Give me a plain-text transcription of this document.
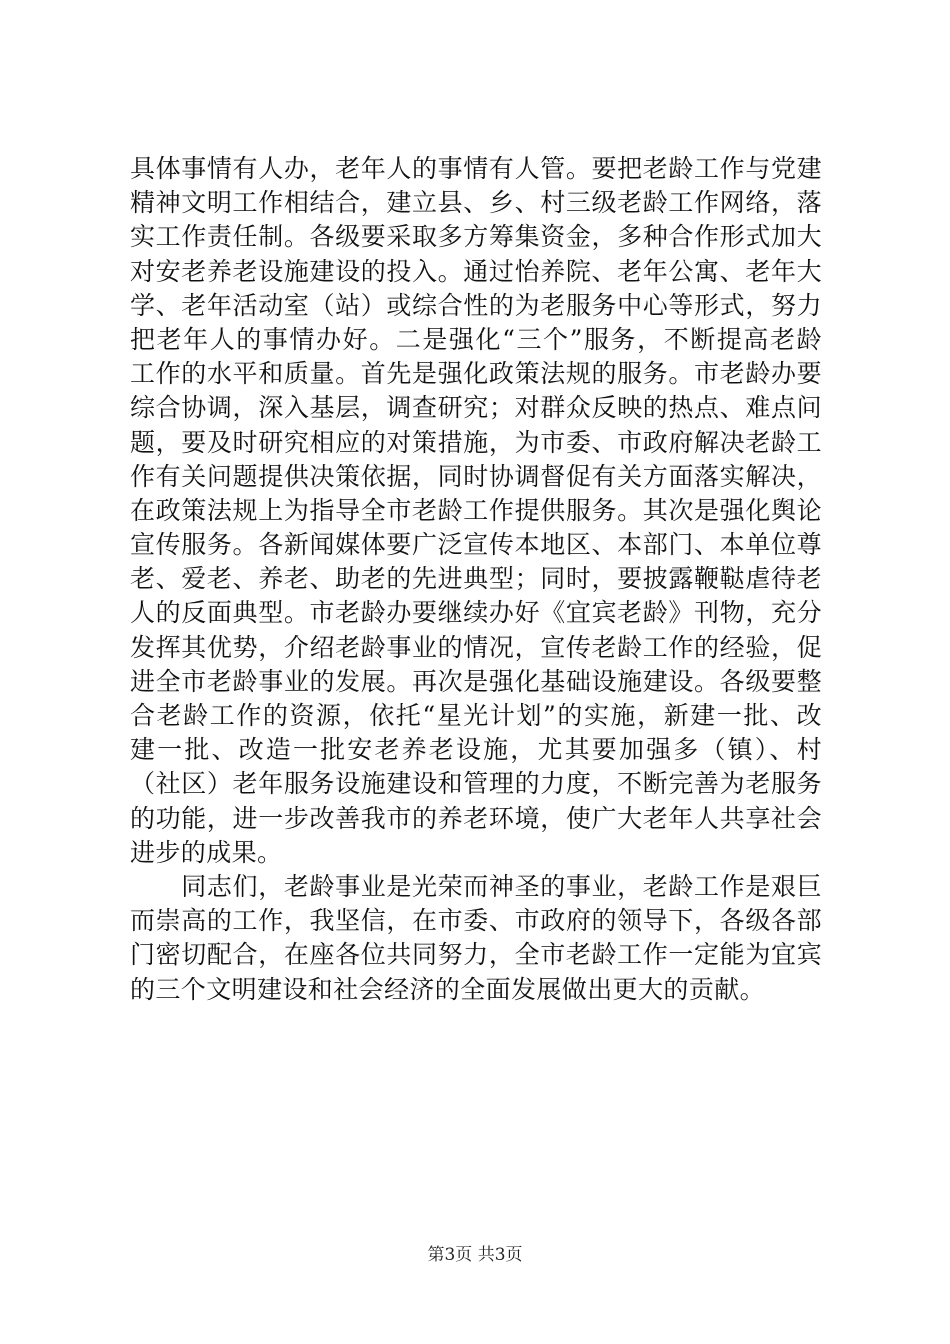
具体事情有人办，老年人的事情有人管。要把老龄工作与党建
精神文明工作相结合，建立县、乡、村三级老龄工作网络，落
实工作责任制。各级要采取多方筹集资金，多种合作形式加大
对安老养老设施建设的投入。通过怡养院、老年公寓、老年大
学、老年活动室（站）或综合性的为老服务中心等形式，努力
把老年人的事情办好。二是强化“三个”服务，不断提高老龄
工作的水平和质量。首先是强化政策法规的服务。市老龄办要
综合协调，深入基层，调查研究；对群众反映的热点、难点问
题，要及时研究相应的对策措施，为市委、市政府解决老龄工
作有关问题提供决策依据，同时协调督促有关方面落实解决，
在政策法规上为指导全市老龄工作提供服务。其次是强化舆论
宣传服务。各新闻媒体要广泛宣传本地区、本部门、本单位尊
老、爱老、养老、助老的先进典型；同时，要披露鞭鞑虐待老
人的反面典型。市老龄办要继续办好《宜宾老龄》刊物，充分
发挥其优势，介绍老龄事业的情况，宣传老龄工作的经验，促
进全市老龄事业的发展。再次是强化基础设施建设。各级要整
合老龄工作的资源，依托“星光计划”的实施，新建一批、改
建一批、改造一批安老养老设施，尤其要加强多（镇）、村
（社区）老年服务设施建设和管理的力度，不断完善为老服务
的功能，进一步改善我市的养老环境，使广大老年人共享社会
进步的成果。
　　同志们，老龄事业是光荣而神圣的事业，老龄工作是艰巨
而崇高的工作，我坚信，在市委、市政府的领导下，各级各部
门密切配合，在座各位共同努力，全市老龄工作一定能为宜宾
的三个文明建设和社会经济的全面发展做出更大的贡献。
第3页 共3页
